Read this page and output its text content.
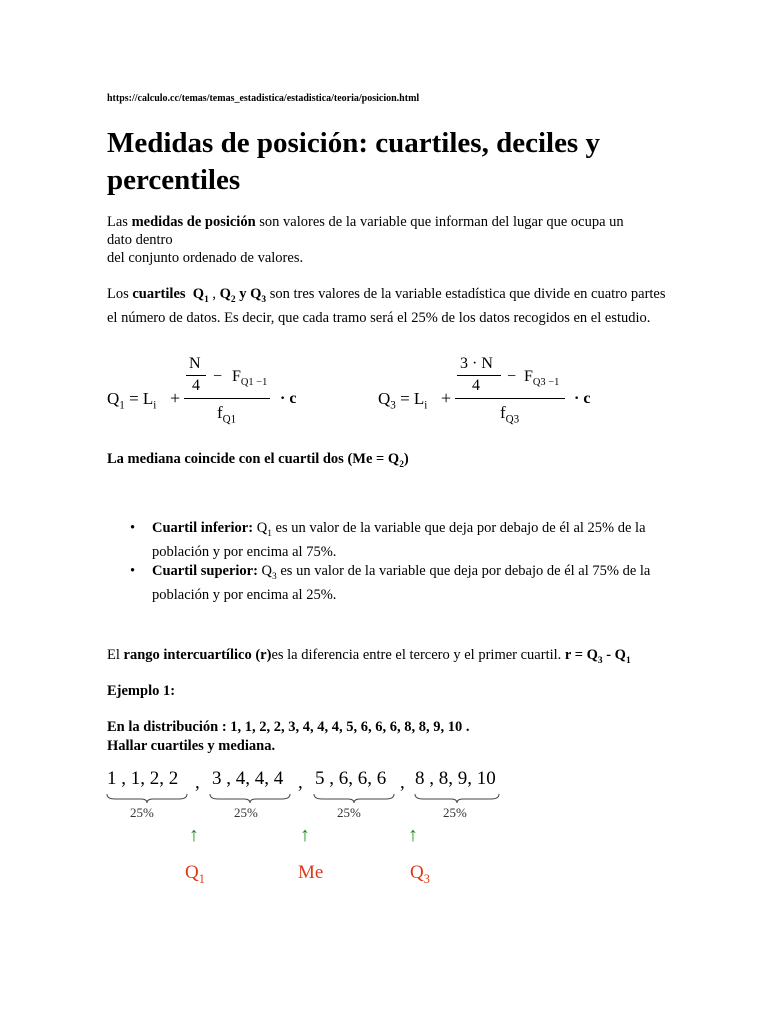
https://calculo.cc/temas/temas_estadistica/estadistica/teoria/posicion.html
Medidas de posición: cuartiles, deciles y percentiles

Las medidas de posición son valores de la variable que informan del lugar que ocupa un
dato dentro
del conjunto ordenado de valores.

Los cuartiles $Q_1$ , $Q_2$ y $Q_3$ son tres valores de la variable estadística que divide en cuatro partes el número de datos. Es decir, que cada tramo será el 25% de los datos recogidos en el estudio.

$Q_1 = L_i$ +
N
4
− $F_{Q1 -1}$
$f_{Q1}$
· c	$Q_3 = L_i$ +
3 · N
4
− $F_{Q3 -1}$
$f_{Q3}$
· c
La mediana coincide con el cuartil dos $(Me = Q_2)$
• Cuartil inferior: $Q_1$ es un valor de la variable que deja por debajo de él al 25% de la población y por encima al 75%.
• Cuartil superior: $Q_3$ es un valor de la variable que deja por debajo de él al 75% de la población y por encima al 25%.
El rango intercuartílico (r)es la diferencia entre el tercero y el primer cuartil. $r = Q_3 - Q_1$
Ejemplo 1:
En la distribución : 1, 1, 2, 2, 3, 4, 4, 4, 5, 6, 6, 6, 8, 8, 9, 10 .
Hallar cuartiles y mediana.
1 , 1, 2, 2 , 3 , 4, 4, 4 , 5 , 6, 6, 6 , 8 , 8, 9, 10
25%	25%	25%	25%
↑	↑	↑
$Q_1$	Me	$Q_3$
